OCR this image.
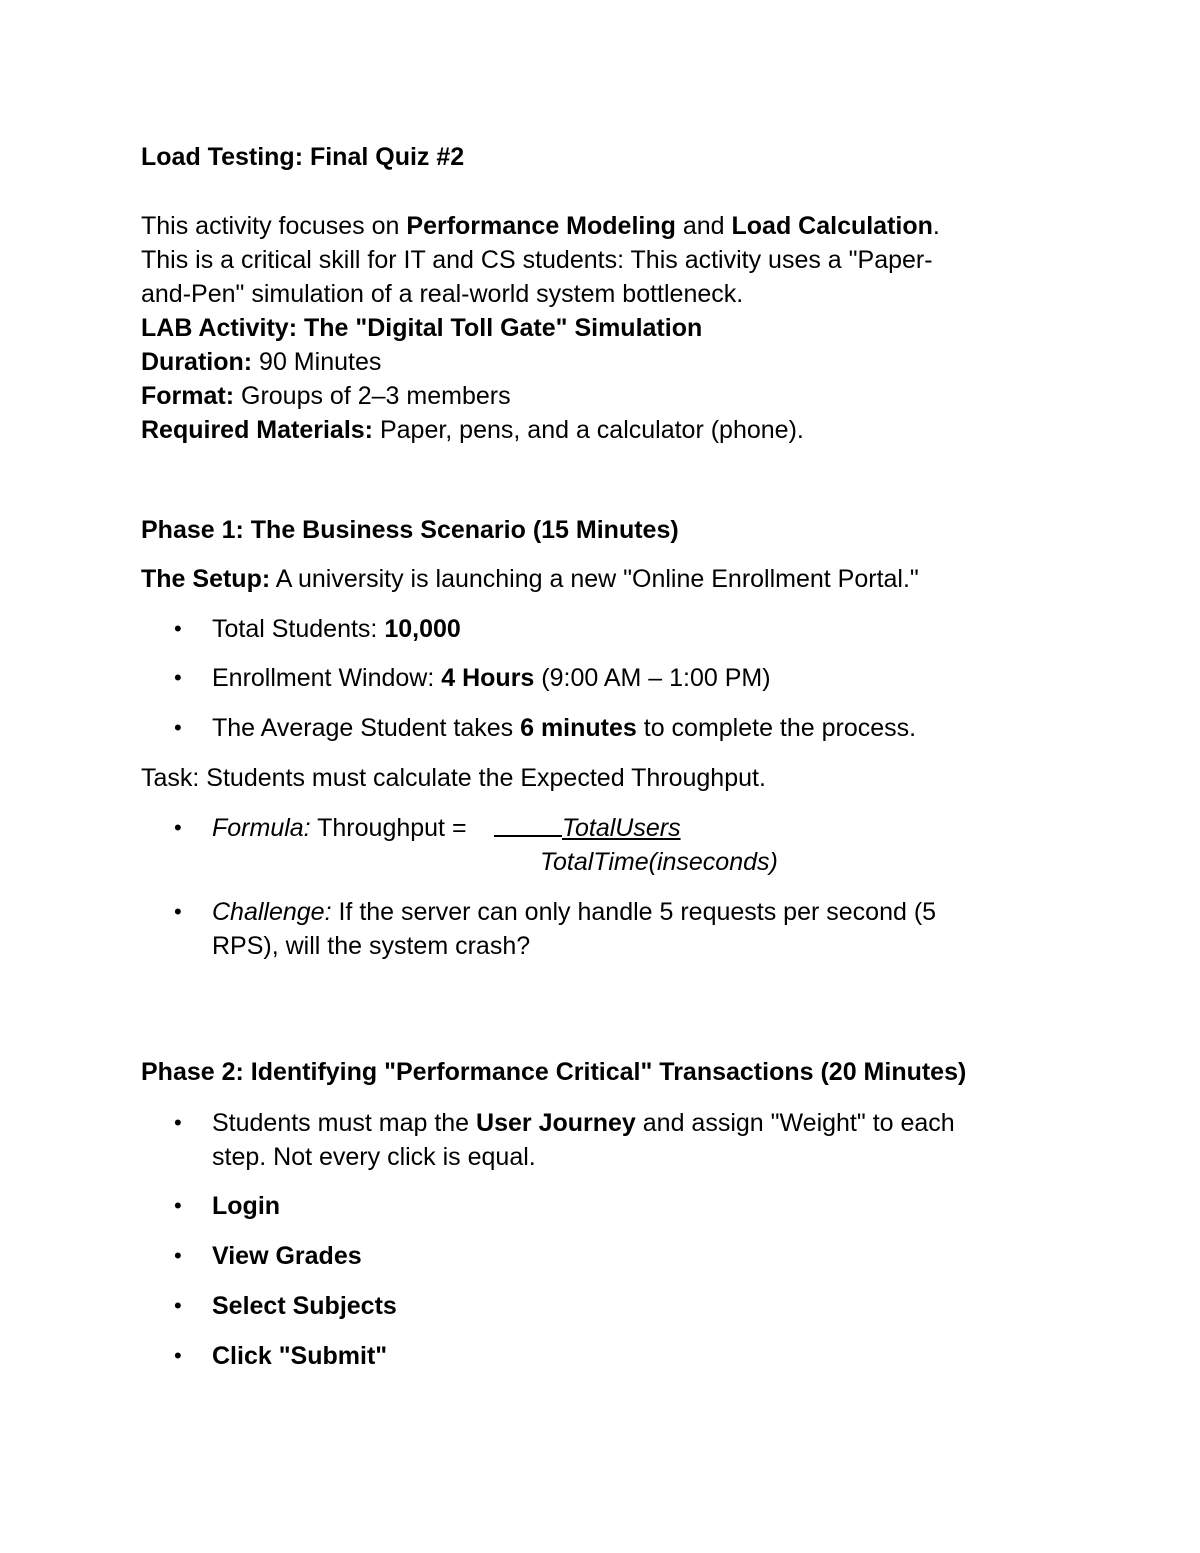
Load Testing: Final Quiz #2
This activity focuses on Performance Modeling and Load Calculation.
This is a critical skill for IT and CS students: This activity uses a "Paper-
and-Pen" simulation of a real-world system bottleneck.
LAB Activity: The "Digital Toll Gate" Simulation
Duration: 90 Minutes
Format: Groups of 2–3 members
Required Materials: Paper, pens, and a calculator (phone).
Phase 1: The Business Scenario (15 Minutes)
The Setup: A university is launching a new "Online Enrollment Portal."
• Total Students: 10,000
• Enrollment Window: 4 Hours (9:00 AM – 1:00 PM)
• The Average Student takes 6 minutes to complete the process.
Task: Students must calculate the Expected Throughput.
• Formula: Throughput =	TotalUsers
TotalTime(inseconds)
• Challenge: If the server can only handle 5 requests per second (5
RPS), will the system crash?
Phase 2: Identifying "Performance Critical" Transactions (20 Minutes)
• Students must map the User Journey and assign "Weight" to each
step. Not every click is equal.
• Login
• View Grades
• Select Subjects
• Click "Submit"
